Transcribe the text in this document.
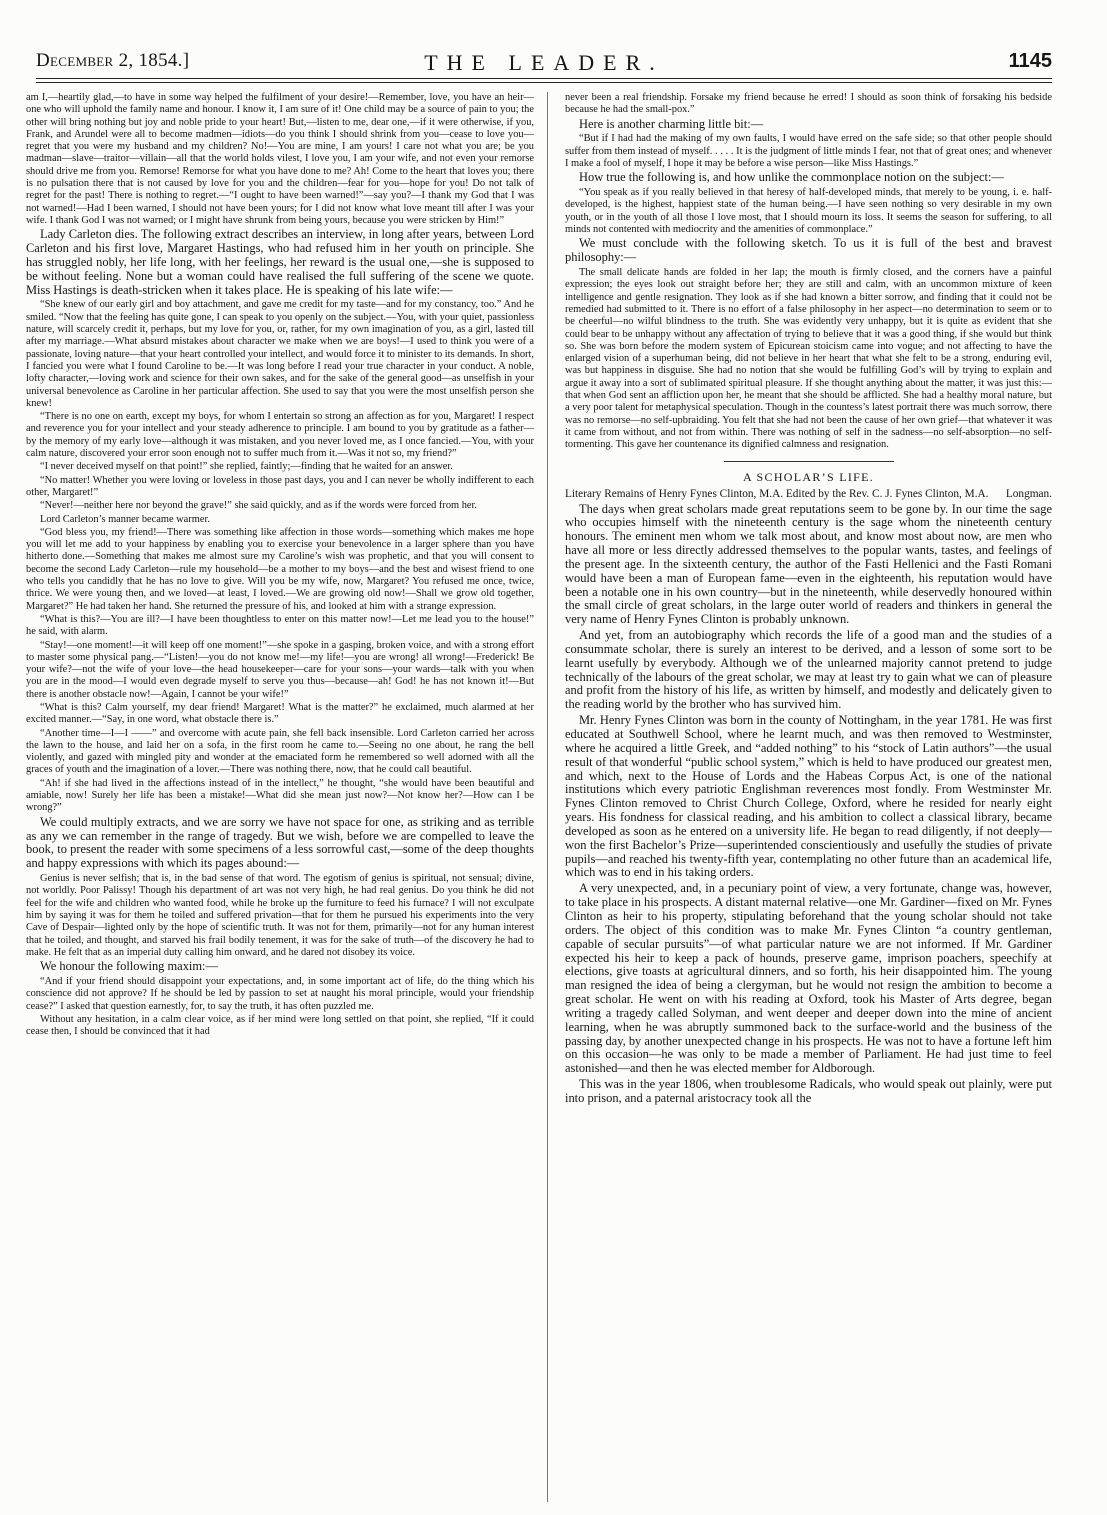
December 2, 1854.]	THE LEADER.	1145

am I,—heartily glad,—to have in some way helped the fulfilment of your desire!—Remember, love, you have an heir—one who will uphold the family name and honour. I know it, I am sure of it! One child may be a source of pain to you; the other will bring nothing but joy and noble pride to your heart! But,—listen to me, dear one,—if it were otherwise, if you, Frank, and Arundel were all to become madmen—idiots—do you think I should shrink from you—cease to love you—regret that you were my husband and my children? No!—You are mine, I am yours! I care not what you are; be you madman—slave—traitor—villain—all that the world holds vilest, I love you, I am your wife, and not even your remorse should drive me from you. Remorse! Remorse for what you have done to me? Ah! Come to the heart that loves you; there is no pulsation there that is not caused by love for you and the children—fear for you—hope for you! Do not talk of regret for the past! There is nothing to regret.—“I ought to have been warned!”—say you?—I thank my God that I was not warned!—Had I been warned, I should not have been yours; for I did not know what love meant till after I was your wife. I thank God I was not warned; or I might have shrunk from being yours, because you were stricken by Him!”

Lady Carleton dies. The following extract describes an interview, in long after years, between Lord Carleton and his first love, Margaret Hastings, who had refused him in her youth on principle. She has struggled nobly, her life long, with her feelings, her reward is the usual one,—she is supposed to be without feeling. None but a woman could have realised the full suffering of the scene we quote. Miss Hastings is death-stricken when it takes place. He is speaking of his late wife:—

“She knew of our early girl and boy attachment, and gave me credit for my taste—and for my constancy, too.” And he smiled. “Now that the feeling has quite gone, I can speak to you openly on the subject.—You, with your quiet, passionless nature, will scarcely credit it, perhaps, but my love for you, or, rather, for my own imagination of you, as a girl, lasted till after my marriage.—What absurd mistakes about character we make when we are boys!—I used to think you were of a passionate, loving nature—that your heart controlled your intellect, and would force it to minister to its demands. In short, I fancied you were what I found Caroline to be.—It was long before I read your true character in your conduct. A noble, lofty character,—loving work and science for their own sakes, and for the sake of the general good—as unselfish in your universal benevolence as Caroline in her particular affection. She used to say that you were the most unselfish person she knew!

“There is no one on earth, except my boys, for whom I entertain so strong an affection as for you, Margaret! I respect and reverence you for your intellect and your steady adherence to principle. I am bound to you by gratitude as a father—by the memory of my early love—although it was mistaken, and you never loved me, as I once fancied.—You, with your calm nature, discovered your error soon enough not to suffer much from it.—Was it not so, my friend?”

“I never deceived myself on that point!” she replied, faintly;—finding that he waited for an answer.

“No matter! Whether you were loving or loveless in those past days, you and I can never be wholly indifferent to each other, Margaret!”

“Never!—neither here nor beyond the grave!” she said quickly, and as if the words were forced from her.

Lord Carleton’s manner became warmer.

“God bless you, my friend!—There was something like affection in those words—something which makes me hope you will let me add to your happiness by enabling you to exercise your benevolence in a larger sphere than you have hitherto done.—Something that makes me almost sure my Caroline’s wish was prophetic, and that you will consent to become the second Lady Carleton—rule my household—be a mother to my boys—and the best and wisest friend to one who tells you candidly that he has no love to give. Will you be my wife, now, Margaret? You refused me once, twice, thrice. We were young then, and we loved—at least, I loved.—We are growing old now!—Shall we grow old together, Margaret?” He had taken her hand. She returned the pressure of his, and looked at him with a strange expression.

“What is this?—You are ill?—I have been thoughtless to enter on this matter now!—Let me lead you to the house!” he said, with alarm.

“Stay!—one moment!—it will keep off one moment!”—she spoke in a gasping, broken voice, and with a strong effort to master some physical pang.—“Listen!—you do not know me!—my life!—you are wrong! all wrong!—Frederick! Be your wife?—not the wife of your love—the head housekeeper—care for your sons—your wards—talk with you when you are in the mood—I would even degrade myself to serve you thus—because—ah! God! he has not known it!—But there is another obstacle now!—Again, I cannot be your wife!”

“What is this? Calm yourself, my dear friend! Margaret! What is the matter?” he exclaimed, much alarmed at her excited manner.—“Say, in one word, what obstacle there is.”

“Another time—I—I ——” and overcome with acute pain, she fell back insensible. Lord Carleton carried her across the lawn to the house, and laid her on a sofa, in the first room he came to.—Seeing no one about, he rang the bell violently, and gazed with mingled pity and wonder at the emaciated form he remembered so well adorned with all the graces of youth and the imagination of a lover.—There was nothing there, now, that he could call beautiful.

“Ah! if she had lived in the affections instead of in the intellect,” he thought, “she would have been beautiful and amiable, now! Surely her life has been a mistake!—What did she mean just now?—Not know her?—How can I be wrong?”

We could multiply extracts, and we are sorry we have not space for one, as striking and as terrible as any we can remember in the range of tragedy. But we wish, before we are compelled to leave the book, to present the reader with some specimens of a less sorrowful cast,—some of the deep thoughts and happy expressions with which its pages abound:—

Genius is never selfish; that is, in the bad sense of that word. The egotism of genius is spiritual, not sensual; divine, not worldly. Poor Palissy! Though his department of art was not very high, he had real genius. Do you think he did not feel for the wife and children who wanted food, while he broke up the furniture to feed his furnace? I will not exculpate him by saying it was for them he toiled and suffered privation—that for them he pursued his experiments into the very Cave of Despair—lighted only by the hope of scientific truth. It was not for them, primarily—not for any human interest that he toiled, and thought, and starved his frail bodily tenement, it was for the sake of truth—of the discovery he had to make. He felt that as an imperial duty calling him onward, and he dared not disobey its voice.

We honour the following maxim:—

“And if your friend should disappoint your expectations, and, in some important act of life, do the thing which his conscience did not approve? If he should be led by passion to set at naught his moral principle, would your friendship cease?” I asked that question earnestly, for, to say the truth, it has often puzzled me.

Without any hesitation, in a calm clear voice, as if her mind were long settled on that point, she replied, “If it could cease then, I should be convinced that it had

never been a real friendship. Forsake my friend because he erred! I should as soon think of forsaking his bedside because he had the small-pox.”

Here is another charming little bit:—

“But if I had had the making of my own faults, I would have erred on the safe side; so that other people should suffer from them instead of myself. . . . . It is the judgment of little minds I fear, not that of great ones; and whenever I make a fool of myself, I hope it may be before a wise person—like Miss Hastings.”

How true the following is, and how unlike the commonplace notion on the subject:—

“You speak as if you really believed in that heresy of half-developed minds, that merely to be young, i. e. half-developed, is the highest, happiest state of the human being.—I have seen nothing so very desirable in my own youth, or in the youth of all those I love most, that I should mourn its loss. It seems the season for suffering, to all minds not contented with mediocrity and the amenities of commonplace.”

We must conclude with the following sketch. To us it is full of the best and bravest philosophy:—

The small delicate hands are folded in her lap; the mouth is firmly closed, and the corners have a painful expression; the eyes look out straight before her; they are still and calm, with an uncommon mixture of keen intelligence and gentle resignation. They look as if she had known a bitter sorrow, and finding that it could not be remedied had submitted to it. There is no effort of a false philosophy in her aspect—no determination to seem or to be cheerful—no wilful blindness to the truth. She was evidently very unhappy, but it is quite as evident that she could bear to be unhappy without any affectation of trying to believe that it was a good thing, if she would but think so. She was born before the modern system of Epicurean stoicism came into vogue; and not affecting to have the enlarged vision of a superhuman being, did not believe in her heart that what she felt to be a strong, enduring evil, was but happiness in disguise. She had no notion that she would be fulfilling God’s will by trying to explain and argue it away into a sort of sublimated spiritual pleasure. If she thought anything about the matter, it was just this:—that when God sent an affliction upon her, he meant that she should be afflicted. She had a healthy moral nature, but a very poor talent for metaphysical speculation. Though in the countess’s latest portrait there was much sorrow, there was no remorse—no self-upbraiding. You felt that she had not been the cause of her own grief—that whatever it was it came from without, and not from within. There was nothing of self in the sadness—no self-absorption—no self-tormenting. This gave her countenance its dignified calmness and resignation.

A SCHOLAR’S LIFE.

Literary Remains of Henry Fynes Clinton, M.A. Edited by the Rev. C. J. Fynes Clinton, M.A. Longman.

The days when great scholars made great reputations seem to be gone by. In our time the sage who occupies himself with the nineteenth century is the sage whom the nineteenth century honours. The eminent men whom we talk most about, and know most about now, are men who have all more or less directly addressed themselves to the popular wants, tastes, and feelings of the present age. In the sixteenth century, the author of the Fasti Hellenici and the Fasti Romani would have been a man of European fame—even in the eighteenth, his reputation would have been a notable one in his own country—but in the nineteenth, while deservedly honoured within the small circle of great scholars, in the large outer world of readers and thinkers in general the very name of Henry Fynes Clinton is probably unknown.

And yet, from an autobiography which records the life of a good man and the studies of a consummate scholar, there is surely an interest to be derived, and a lesson of some sort to be learnt usefully by everybody. Although we of the unlearned majority cannot pretend to judge technically of the labours of the great scholar, we may at least try to gain what we can of pleasure and profit from the history of his life, as written by himself, and modestly and delicately given to the reading world by the brother who has survived him.

Mr. Henry Fynes Clinton was born in the county of Nottingham, in the year 1781. He was first educated at Southwell School, where he learnt much, and was then removed to Westminster, where he acquired a little Greek, and “added nothing” to his “stock of Latin authors”—the usual result of that wonderful “public school system,” which is held to have produced our greatest men, and which, next to the House of Lords and the Habeas Corpus Act, is one of the national institutions which every patriotic Englishman reverences most fondly. From Westminster Mr. Fynes Clinton removed to Christ Church College, Oxford, where he resided for nearly eight years. His fondness for classical reading, and his ambition to collect a classical library, became developed as soon as he entered on a university life. He began to read diligently, if not deeply—won the first Bachelor’s Prize—superintended conscientiously and usefully the studies of private pupils—and reached his twenty-fifth year, contemplating no other future than an academical life, which was to end in his taking orders.

A very unexpected, and, in a pecuniary point of view, a very fortunate, change was, however, to take place in his prospects. A distant maternal relative—one Mr. Gardiner—fixed on Mr. Fynes Clinton as heir to his property, stipulating beforehand that the young scholar should not take orders. The object of this condition was to make Mr. Fynes Clinton “a country gentleman, capable of secular pursuits”—of what particular nature we are not informed. If Mr. Gardiner expected his heir to keep a pack of hounds, preserve game, imprison poachers, speechify at elections, give toasts at agricultural dinners, and so forth, his heir disappointed him. The young man resigned the idea of being a clergyman, but he would not resign the ambition to become a great scholar. He went on with his reading at Oxford, took his Master of Arts degree, began writing a tragedy called Solyman, and went deeper and deeper down into the mine of ancient learning, when he was abruptly summoned back to the surface-world and the business of the passing day, by another unexpected change in his prospects. He was not to have a fortune left him on this occasion—he was only to be made a member of Parliament. He had just time to feel astonished—and then he was elected member for Aldborough.

This was in the year 1806, when troublesome Radicals, who would speak out plainly, were put into prison, and a paternal aristocracy took all the
